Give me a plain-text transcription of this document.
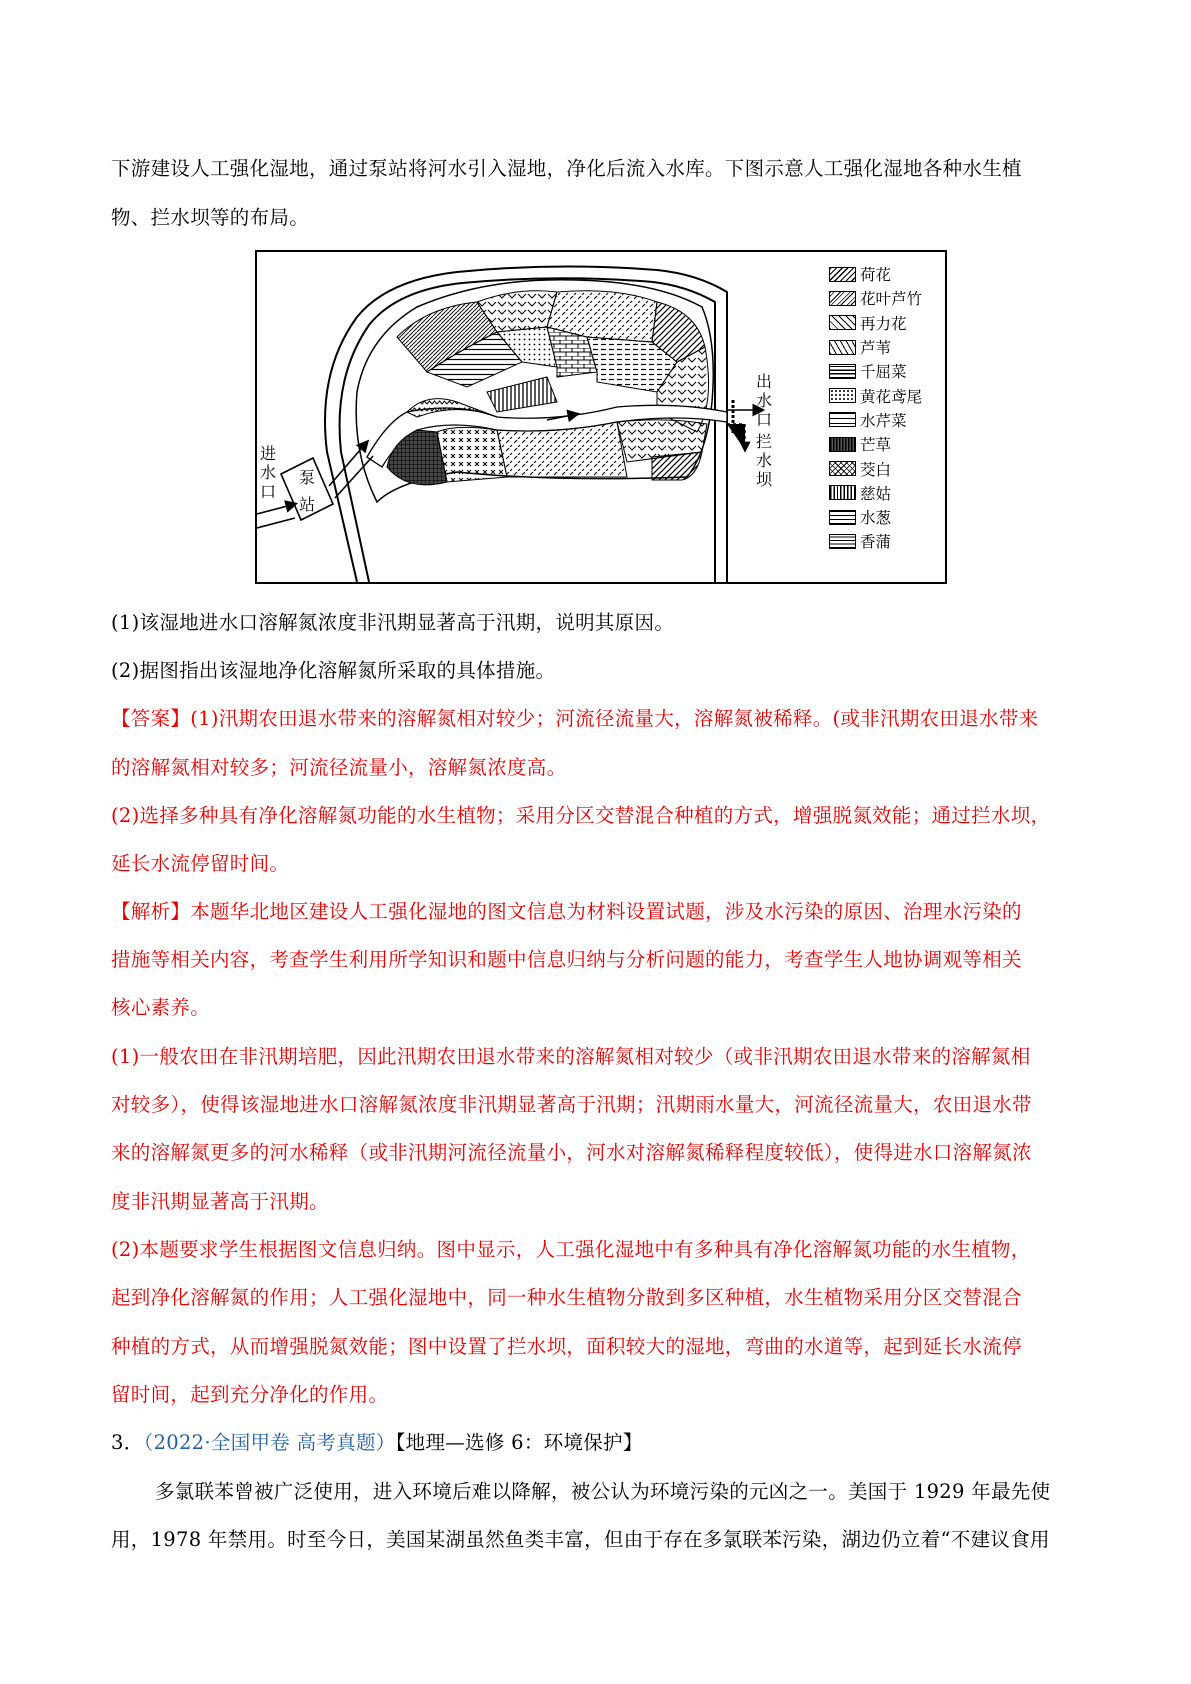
下游建设人工强化湿地，通过泵站将河水引入湿地，净化后流入水库。下图示意人工强化湿地各种水生植
物、拦水坝等的布局。
进水口
泵站
出水口
拦水坝
荷花
花叶芦竹
再力花
芦苇
千屈菜
黄花鸢尾
水芹菜
芒草
茭白
慈姑
水葱
香蒲
(1)该湿地进水口溶解氮浓度非汛期显著高于汛期，说明其原因。
(2)据图指出该湿地净化溶解氮所采取的具体措施。
【答案】(1)汛期农田退水带来的溶解氮相对较少；河流径流量大，溶解氮被稀释。(或非汛期农田退水带来
的溶解氮相对较多；河流径流量小，溶解氮浓度高。
(2)选择多种具有净化溶解氮功能的水生植物；采用分区交替混合种植的方式，增强脱氮效能；通过拦水坝，
延长水流停留时间。
【解析】本题华北地区建设人工强化湿地的图文信息为材料设置试题，涉及水污染的原因、治理水污染的
措施等相关内容，考查学生利用所学知识和题中信息归纳与分析问题的能力，考查学生人地协调观等相关
核心素养。
(1)一般农田在非汛期培肥，因此汛期农田退水带来的溶解氮相对较少（或非汛期农田退水带来的溶解氮相
对较多），使得该湿地进水口溶解氮浓度非汛期显著高于汛期；汛期雨水量大，河流径流量大，农田退水带
来的溶解氮更多的河水稀释（或非汛期河流径流量小，河水对溶解氮稀释程度较低），使得进水口溶解氮浓
度非汛期显著高于汛期。
(2)本题要求学生根据图文信息归纳。图中显示，人工强化湿地中有多种具有净化溶解氮功能的水生植物，
起到净化溶解氮的作用；人工强化湿地中，同一种水生植物分散到多区种植，水生植物采用分区交替混合
种植的方式，从而增强脱氮效能；图中设置了拦水坝，面积较大的湿地，弯曲的水道等，起到延长水流停
留时间，起到充分净化的作用。
3．（2022·全国甲卷 高考真题）【地理—选修 6：环境保护】
多氯联苯曾被广泛使用，进入环境后难以降解，被公认为环境污染的元凶之一。美国于 1929 年最先使
用，1978 年禁用。时至今日，美国某湖虽然鱼类丰富，但由于存在多氯联苯污染，湖边仍立着“不建议食用
